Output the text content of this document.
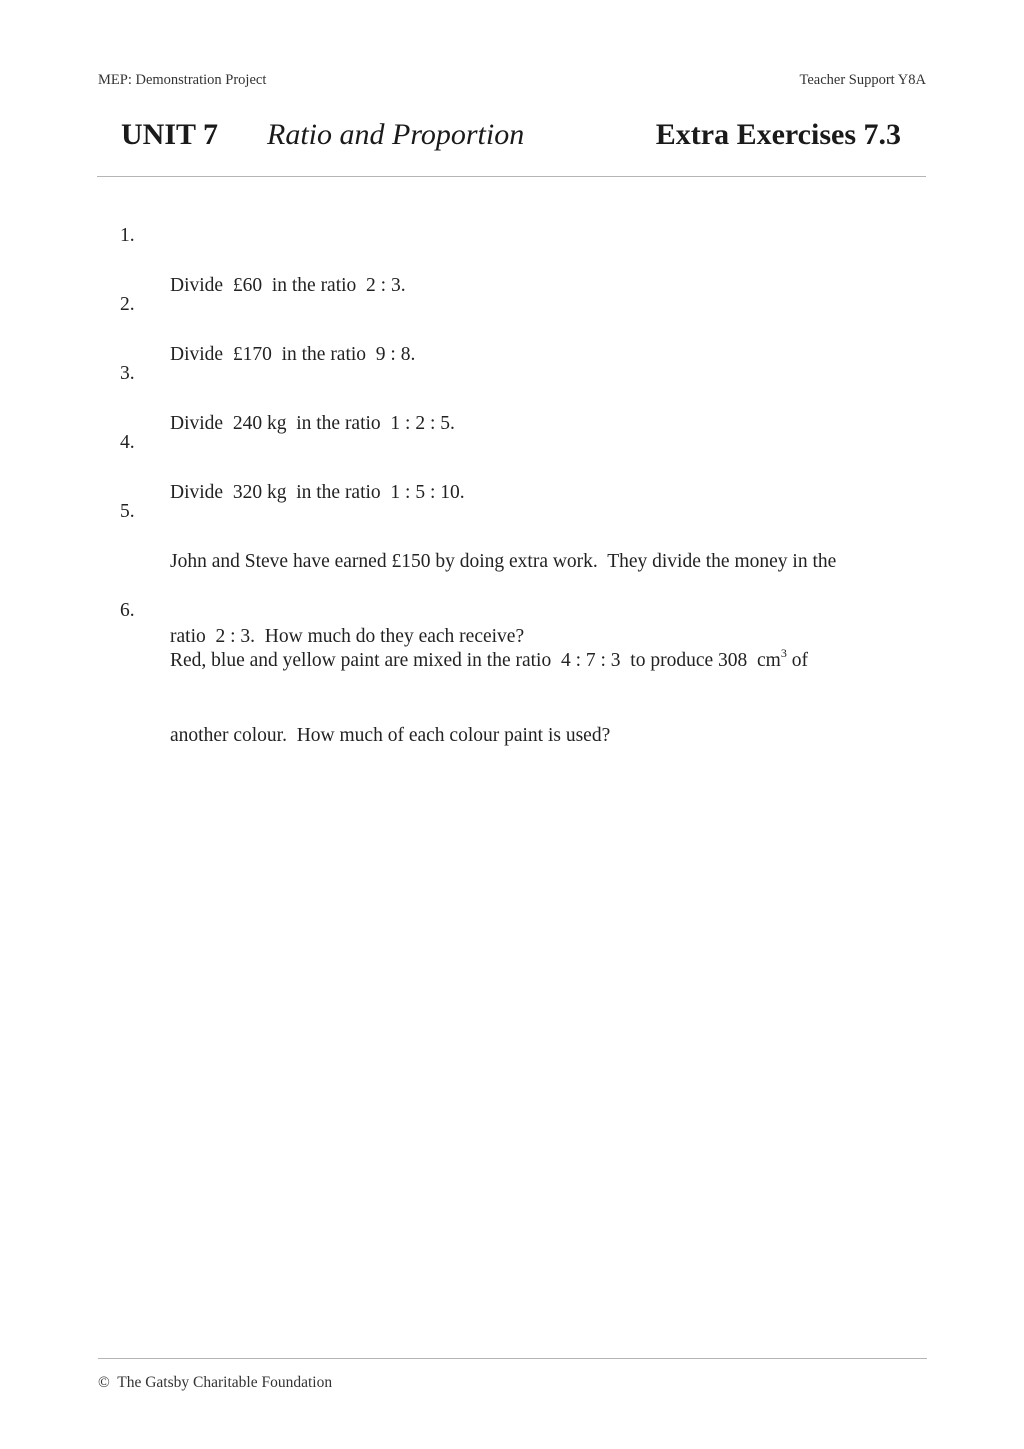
MEP: Demonstration Project	Teacher Support Y8A
UNIT 7 Ratio and Proportion	Extra Exercises 7.3
1.

Divide  £60  in the ratio  2 : 3.

2.

Divide  £170  in the ratio  9 : 8.

3.

Divide  240 kg  in the ratio  1 : 2 : 5.

4.

Divide  320 kg  in the ratio  1 : 5 : 10.

5.

John and Steve have earned £150 by doing extra work.  They divide the money in the

ratio  2 : 3.  How much do they each receive?

6.

Red, blue and yellow paint are mixed in the ratio  4 : 7 : 3  to produce 308  $cm^3$ of

another colour.  How much of each colour paint is used?

© The Gatsby Charitable Foundation
